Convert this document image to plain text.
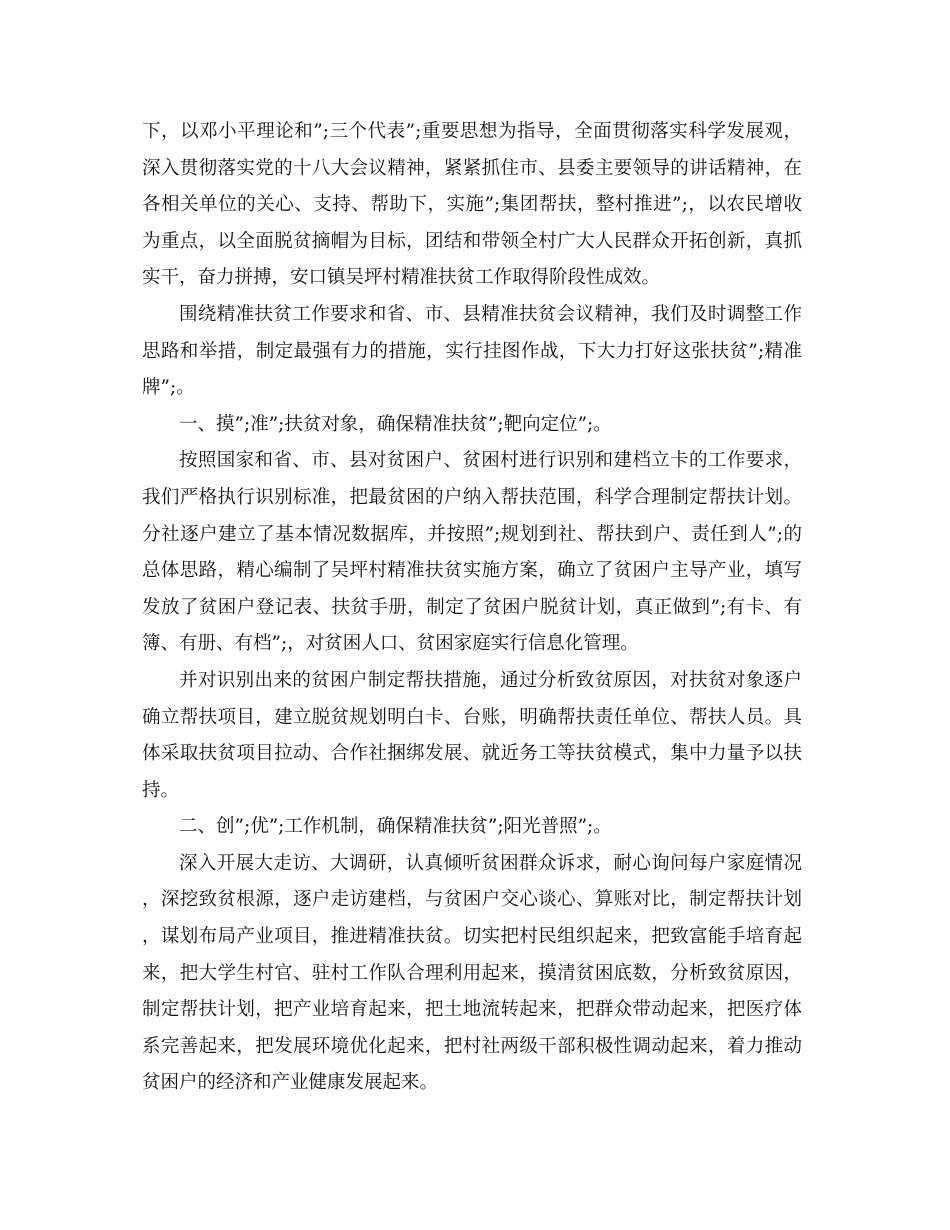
下，以邓小平理论和”;三个代表”;重要思想为指导，全面贯彻落实科学发展观，深入贯彻落实党的十八大会议精神，紧紧抓住市、县委主要领导的讲话精神，在各相关单位的关心、支持、帮助下，实施”;集团帮扶，整村推进”;，以农民增收为重点，以全面脱贫摘帽为目标，团结和带领全村广大人民群众开拓创新，真抓实干，奋力拼搏，安口镇吴坪村精准扶贫工作取得阶段性成效。

围绕精准扶贫工作要求和省、市、县精准扶贫会议精神，我们及时调整工作思路和举措，制定最强有力的措施，实行挂图作战，下大力打好这张扶贫”;精准牌”;。

一、摸”;准”;扶贫对象，确保精准扶贫”;靶向定位”;。

按照国家和省、市、县对贫困户、贫困村进行识别和建档立卡的工作要求，我们严格执行识别标准，把最贫困的户纳入帮扶范围，科学合理制定帮扶计划。分社逐户建立了基本情况数据库，并按照”;规划到社、帮扶到户、责任到人”;的总体思路，精心编制了吴坪村精准扶贫实施方案，确立了贫困户主导产业，填写发放了贫困户登记表、扶贫手册，制定了贫困户脱贫计划，真正做到”;有卡、有簿、有册、有档”;，对贫困人口、贫困家庭实行信息化管理。

并对识别出来的贫困户制定帮扶措施，通过分析致贫原因，对扶贫对象逐户确立帮扶项目，建立脱贫规划明白卡、台账，明确帮扶责任单位、帮扶人员。具体采取扶贫项目拉动、合作社捆绑发展、就近务工等扶贫模式，集中力量予以扶持。

二、创”;优”;工作机制，确保精准扶贫”;阳光普照”;。

深入开展大走访、大调研，认真倾听贫困群众诉求，耐心询问每户家庭情况，深挖致贫根源，逐户走访建档，与贫困户交心谈心、算账对比，制定帮扶计划，谋划布局产业项目，推进精准扶贫。切实把村民组织起来，把致富能手培育起来，把大学生村官、驻村工作队合理利用起来，摸清贫困底数，分析致贫原因，制定帮扶计划，把产业培育起来，把土地流转起来，把群众带动起来，把医疗体系完善起来，把发展环境优化起来，把村社两级干部积极性调动起来，着力推动贫困户的经济和产业健康发展起来。
